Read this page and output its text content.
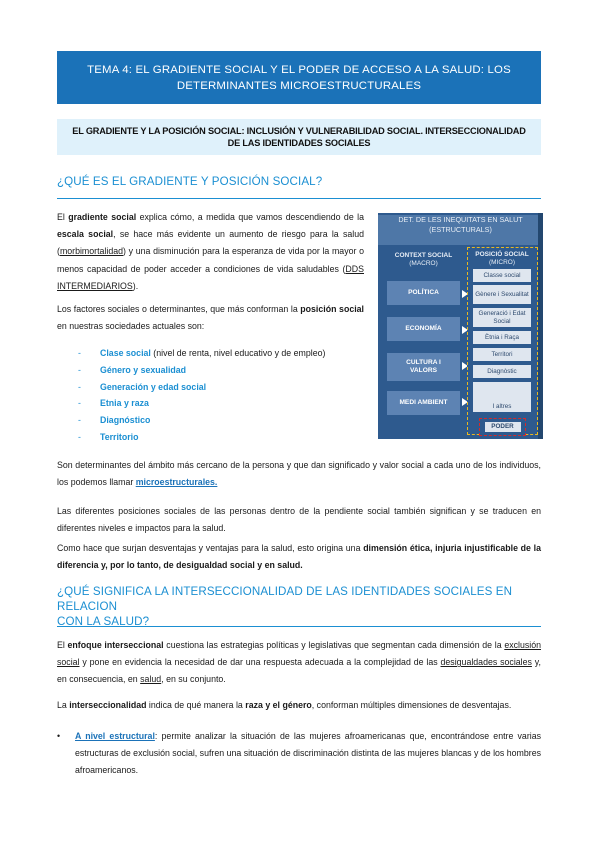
TEMA 4: EL GRADIENTE SOCIAL Y EL PODER DE ACCESO A LA SALUD: LOS
DETERMINANTES MICROESTRUCTURALES
EL GRADIENTE Y LA POSICIÓN SOCIAL: INCLUSIÓN Y VULNERABILIDAD SOCIAL. INTERSECCIONALIDAD
DE LAS IDENTIDADES SOCIALES
¿QUÉ ES EL GRADIENTE Y POSICIÓN SOCIAL?
El gradiente social explica cómo, a medida que vamos descendiendo de la escala social, se hace más evidente un aumento de riesgo para la salud (morbimortalidad) y una disminución para la esperanza de vida por la mayor o menos capacidad de poder acceder a condiciones de vida saludables (DDS INTERMEDIARIOS).
Los factores sociales o determinantes, que más conforman la posición social en nuestras sociedades actuales son:
- Clase social (nivel de renta, nivel educativo y de empleo)
- Género y sexualidad
- Generación y edad social
- Etnia y raza
- Diagnóstico
- Territorio
DET. DE LES INEQUITATS EN SALUT
(ESTRUCTURALS)
CONTEXT SOCIAL
(MACRO)
POLÍTICA
ECONOMÍA
CULTURA I VALORS
MEDI AMBIENT
POSICIÓ SOCIAL
(MICRO)
Classe social
Gènere i Sexualitat
Generació i Edat Social
Ètnia i Raça
Territori
Diagnòstic
I altres
PODER
Son determinantes del ámbito más cercano de la persona y que dan significado y valor social a cada uno de los individuos, los podemos llamar microestructurales.
Las diferentes posiciones sociales de las personas dentro de la pendiente social también significan y se traducen en diferentes niveles e impactos para la salud.
Como hace que surjan desventajas y ventajas para la salud, esto origina una dimensión ética, injuria injustificable de la diferencia y, por lo tanto, de desigualdad social y en salud.
¿QUÉ SIGNIFICA LA INTERSECCIONALIDAD DE LAS IDENTIDADES SOCIALES EN RELACION
CON LA SALUD?
El enfoque interseccional cuestiona las estrategias políticas y legislativas que segmentan cada dimensión de la exclusión social y pone en evidencia la necesidad de dar una respuesta adecuada a la complejidad de las desigualdades sociales y, en consecuencia, en salud, en su conjunto.
La interseccionalidad indica de qué manera la raza y el género, conforman múltiples dimensiones de desventajas.
• A nivel estructural: permite analizar la situación de las mujeres afroamericanas que, encontrándose entre varias estructuras de exclusión social, sufren una situación de discriminación distinta de las mujeres blancas y de los hombres afroamericanos.
